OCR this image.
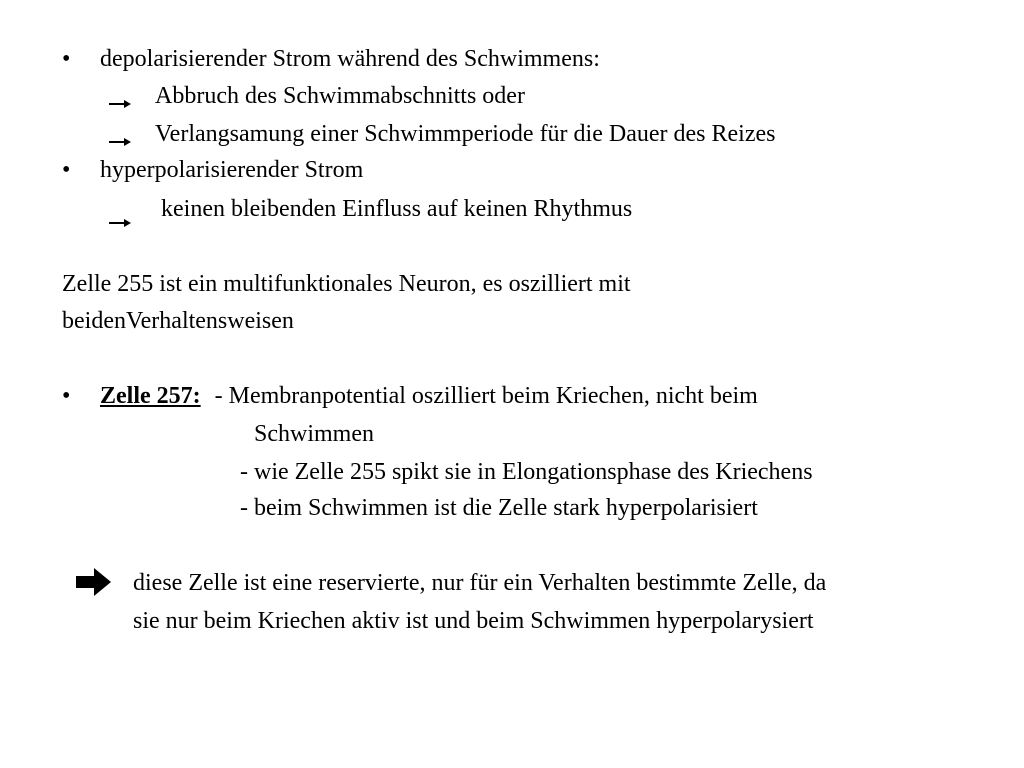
• depolarisierender Strom während des Schwimmens:

Abbruch des Schwimmabschnitts oder

Verlangsamung einer Schwimmperiode für die Dauer des Reizes

• hyperpolarisierender Strom

keinen bleibenden Einfluss auf keinen Rhythmus

Zelle 255 ist ein multifunktionales Neuron, es oszilliert mit

beidenVerhaltensweisen

• Zelle 257: - Membranpotential oszilliert beim Kriechen, nicht beim

Schwimmen

- wie Zelle 255 spikt sie in Elongationsphase des Kriechens

- beim Schwimmen ist die Zelle stark hyperpolarisiert

diese Zelle ist eine reservierte, nur für ein Verhalten bestimmte Zelle, da

sie nur beim Kriechen aktiv ist und beim Schwimmen hyperpolarysiert
